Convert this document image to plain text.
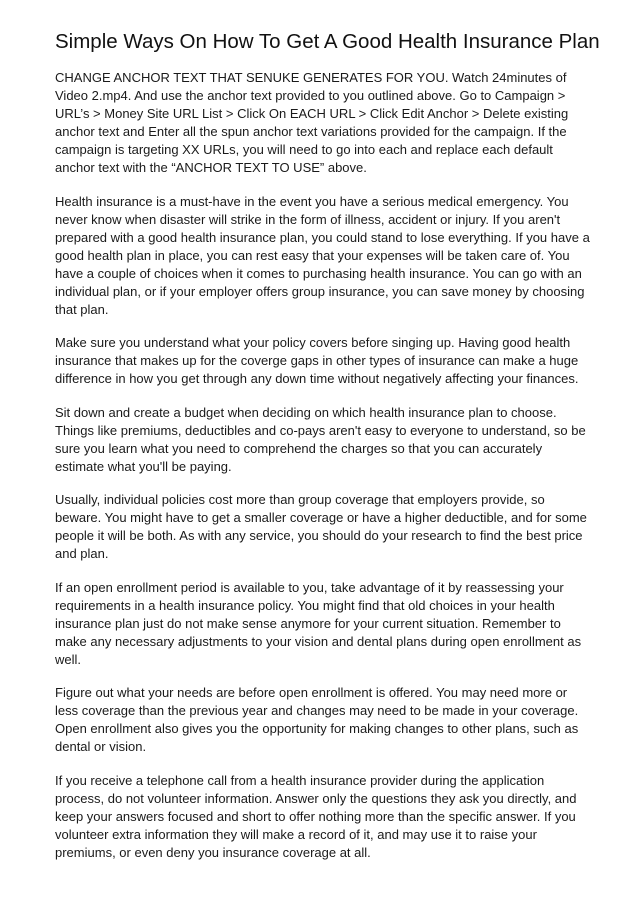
Simple Ways On How To Get A Good Health Insurance Plan

CHANGE ANCHOR TEXT THAT SENUKE GENERATES FOR YOU. Watch 24minutes of Video 2.mp4. And use the anchor text provided to you outlined above. Go to Campaign > URL’s > Money Site URL List > Click On EACH URL > Click Edit Anchor > Delete existing anchor text and Enter all the spun anchor text variations provided for the campaign. If the campaign is targeting XX URLs, you will need to go into each and replace each default anchor text with the “ANCHOR TEXT TO USE” above.

Health insurance is a must-have in the event you have a serious medical emergency. You never know when disaster will strike in the form of illness, accident or injury. If you aren't prepared with a good health insurance plan, you could stand to lose everything. If you have a good health plan in place, you can rest easy that your expenses will be taken care of. You have a couple of choices when it comes to purchasing health insurance. You can go with an individual plan, or if your employer offers group insurance, you can save money by choosing that plan.

Make sure you understand what your policy covers before singing up. Having good health insurance that makes up for the coverge gaps in other types of insurance can make a huge difference in how you get through any down time without negatively affecting your finances.

Sit down and create a budget when deciding on which health insurance plan to choose. Things like premiums, deductibles and co-pays aren't easy to everyone to understand, so be sure you learn what you need to comprehend the charges so that you can accurately estimate what you'll be paying.

Usually, individual policies cost more than group coverage that employers provide, so beware. You might have to get a smaller coverage or have a higher deductible, and for some people it will be both. As with any service, you should do your research to find the best price and plan.

If an open enrollment period is available to you, take advantage of it by reassessing your requirements in a health insurance policy. You might find that old choices in your health insurance plan just do not make sense anymore for your current situation. Remember to make any necessary adjustments to your vision and dental plans during open enrollment as well.

Figure out what your needs are before open enrollment is offered. You may need more or less coverage than the previous year and changes may need to be made in your coverage. Open enrollment also gives you the opportunity for making changes to other plans, such as dental or vision.

If you receive a telephone call from a health insurance provider during the application process, do not volunteer information. Answer only the questions they ask you directly, and keep your answers focused and short to offer nothing more than the specific answer. If you volunteer extra information they will make a record of it, and may use it to raise your premiums, or even deny you insurance coverage at all.
